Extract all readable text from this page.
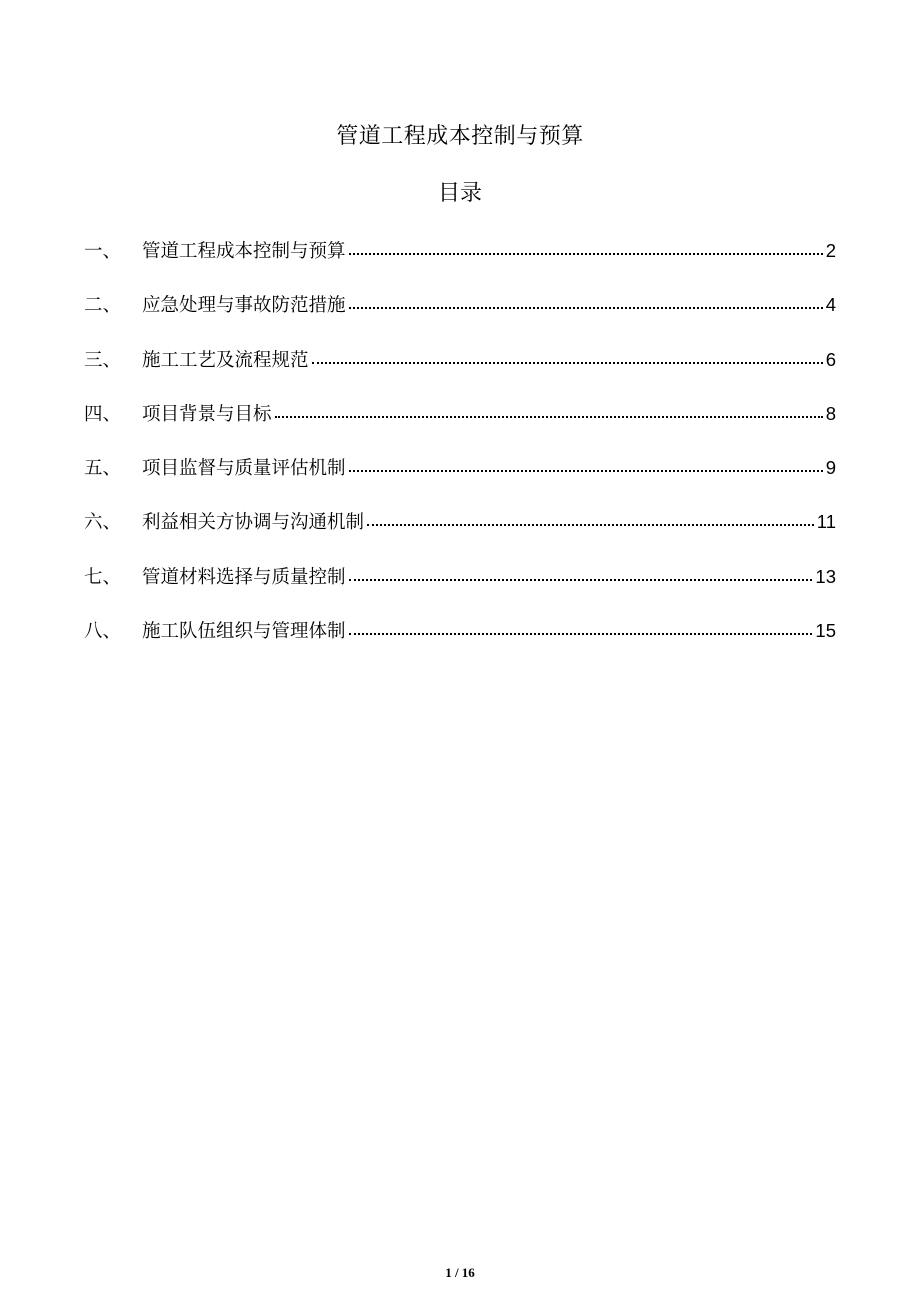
管道工程成本控制与预算
目录
一、	管道工程成本控制与预算	2
二、	应急处理与事故防范措施	4
三、	施工工艺及流程规范	6
四、	项目背景与目标	8
五、	项目监督与质量评估机制	9
六、	利益相关方协调与沟通机制	11
七、	管道材料选择与质量控制	13
八、	施工队伍组织与管理体制	15
1 / 16
